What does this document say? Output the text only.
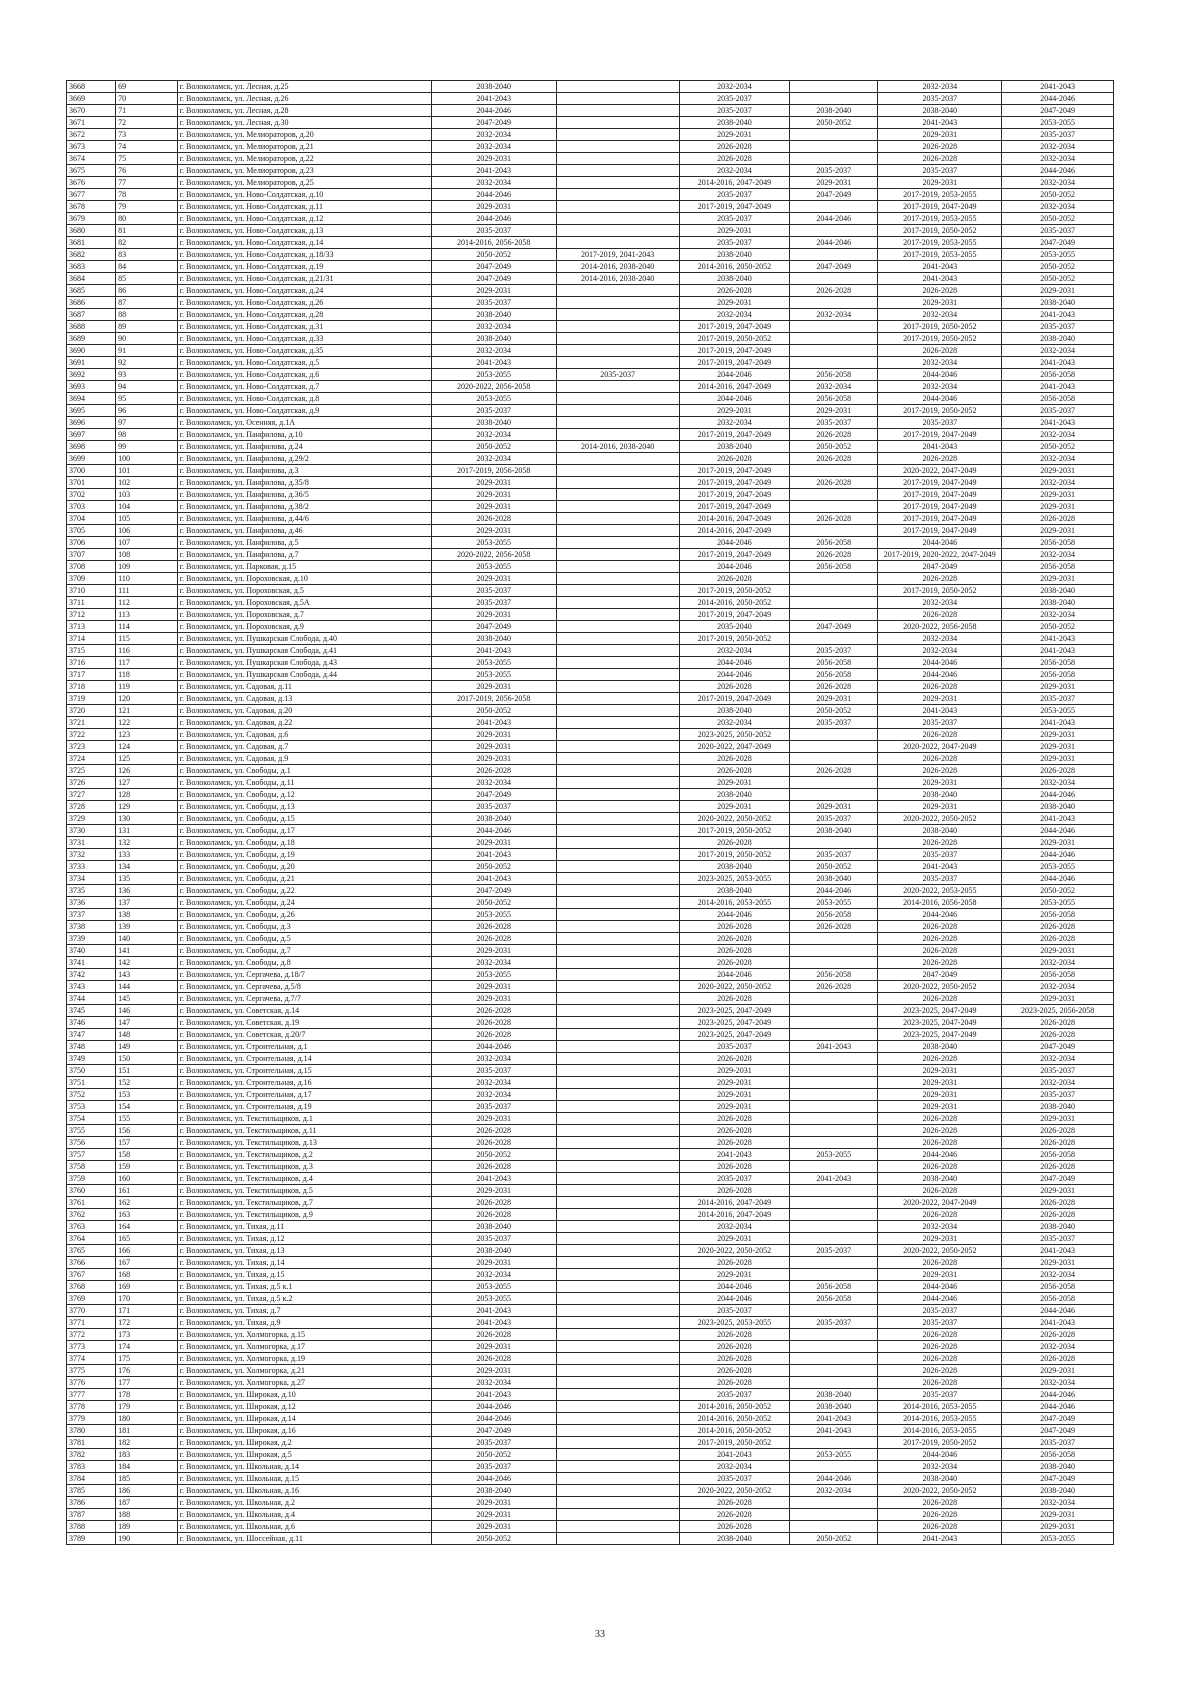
3668	69	г. Волоколамск, ул. Лесная, д.25	2038-2040		2032-2034		2032-2034	2041-2043
3669	70	г. Волоколамск, ул. Лесная, д.26	2041-2043		2035-2037		2035-2037	2044-2046
3670	71	г. Волоколамск, ул. Лесная, д.28	2044-2046		2035-2037	2038-2040	2038-2040	2047-2049
3671	72	г. Волоколамск, ул. Лесная, д.30	2047-2049		2038-2040	2050-2052	2041-2043	2053-2055
3672	73	г. Волоколамск, ул. Мелиораторов, д.20	2032-2034		2029-2031		2029-2031	2035-2037
3673	74	г. Волоколамск, ул. Мелиораторов, д.21	2032-2034		2026-2028		2026-2028	2032-2034
3674	75	г. Волоколамск, ул. Мелиораторов, д.22	2029-2031		2026-2028		2026-2028	2032-2034
3675	76	г. Волоколамск, ул. Мелиораторов, д.23	2041-2043		2032-2034	2035-2037	2035-2037	2044-2046
3676	77	г. Волоколамск, ул. Мелиораторов, д.25	2032-2034		2014-2016, 2047-2049	2029-2031	2029-2031	2032-2034
3677	78	г. Волоколамск, ул. Ново-Солдатская, д.10	2044-2046		2035-2037	2047-2049	2017-2019, 2053-2055	2050-2052
3678	79	г. Волоколамск, ул. Ново-Солдатская, д.11	2029-2031		2017-2019, 2047-2049		2017-2019, 2047-2049	2032-2034
3679	80	г. Волоколамск, ул. Ново-Солдатская, д.12	2044-2046		2035-2037	2044-2046	2017-2019, 2053-2055	2050-2052
3680	81	г. Волоколамск, ул. Ново-Солдатская, д.13	2035-2037		2029-2031		2017-2019, 2050-2052	2035-2037
3681	82	г. Волоколамск, ул. Ново-Солдатская, д.14	2014-2016, 2056-2058		2035-2037	2044-2046	2017-2019, 2053-2055	2047-2049
3682	83	г. Волоколамск, ул. Ново-Солдатская, д.18/33	2050-2052	2017-2019, 2041-2043	2038-2040		2017-2019, 2053-2055	2053-2055
3683	84	г. Волоколамск, ул. Ново-Солдатская, д.19	2047-2049	2014-2016, 2038-2040	2014-2016, 2050-2052	2047-2049	2041-2043	2050-2052
3684	85	г. Волоколамск, ул. Ново-Солдатская, д.21/31	2047-2049	2014-2016, 2038-2040	2038-2040		2041-2043	2050-2052
3685	86	г. Волоколамск, ул. Ново-Солдатская, д.24	2029-2031		2026-2028	2026-2028	2026-2028	2029-2031
3686	87	г. Волоколамск, ул. Ново-Солдатская, д.26	2035-2037		2029-2031		2029-2031	2038-2040
3687	88	г. Волоколамск, ул. Ново-Солдатская, д.28	2038-2040		2032-2034	2032-2034	2032-2034	2041-2043
3688	89	г. Волоколамск, ул. Ново-Солдатская, д.31	2032-2034		2017-2019, 2047-2049		2017-2019, 2050-2052	2035-2037
3689	90	г. Волоколамск, ул. Ново-Солдатская, д.33	2038-2040		2017-2019, 2050-2052		2017-2019, 2050-2052	2038-2040
3690	91	г. Волоколамск, ул. Ново-Солдатская, д.35	2032-2034		2017-2019, 2047-2049		2026-2028	2032-2034
3691	92	г. Волоколамск, ул. Ново-Солдатская, д.5	2041-2043		2017-2019, 2047-2049		2032-2034	2041-2043
3692	93	г. Волоколамск, ул. Ново-Солдатская, д.6	2053-2055	2035-2037	2044-2046	2056-2058	2044-2046	2056-2058
3693	94	г. Волоколамск, ул. Ново-Солдатская, д.7	2020-2022, 2056-2058		2014-2016, 2047-2049	2032-2034	2032-2034	2041-2043
3694	95	г. Волоколамск, ул. Ново-Солдатская, д.8	2053-2055		2044-2046	2056-2058	2044-2046	2056-2058
3695	96	г. Волоколамск, ул. Ново-Солдатская, д.9	2035-2037		2029-2031	2029-2031	2017-2019, 2050-2052	2035-2037
3696	97	г. Волоколамск, ул. Осенняя, д.1А	2038-2040		2032-2034	2035-2037	2035-2037	2041-2043
3697	98	г. Волоколамск, ул. Панфилова, д.10	2032-2034		2017-2019, 2047-2049	2026-2028	2017-2019, 2047-2049	2032-2034
3698	99	г. Волоколамск, ул. Панфилова, д.24	2050-2052	2014-2016, 2038-2040	2038-2040	2050-2052	2041-2043	2050-2052
3699	100	г. Волоколамск, ул. Панфилова, д.29/2	2032-2034		2026-2028	2026-2028	2026-2028	2032-2034
3700	101	г. Волоколамск, ул. Панфилова, д.3	2017-2019, 2056-2058		2017-2019, 2047-2049		2020-2022, 2047-2049	2029-2031
3701	102	г. Волоколамск, ул. Панфилова, д.35/8	2029-2031		2017-2019, 2047-2049	2026-2028	2017-2019, 2047-2049	2032-2034
3702	103	г. Волоколамск, ул. Панфилова, д.36/5	2029-2031		2017-2019, 2047-2049		2017-2019, 2047-2049	2029-2031
3703	104	г. Волоколамск, ул. Панфилова, д.38/2	2029-2031		2017-2019, 2047-2049		2017-2019, 2047-2049	2029-2031
3704	105	г. Волоколамск, ул. Панфилова, д.44/6	2026-2028		2014-2016, 2047-2049	2026-2028	2017-2019, 2047-2049	2026-2028
3705	106	г. Волоколамск, ул. Панфилова, д.46	2029-2031		2014-2016, 2047-2049		2017-2019, 2047-2049	2029-2031
3706	107	г. Волоколамск, ул. Панфилова, д.5	2053-2055		2044-2046	2056-2058	2044-2046	2056-2058
3707	108	г. Волоколамск, ул. Панфилова, д.7	2020-2022, 2056-2058		2017-2019, 2047-2049	2026-2028	2017-2019, 2020-2022, 2047-2049	2032-2034
3708	109	г. Волоколамск, ул. Парковая, д.15	2053-2055		2044-2046	2056-2058	2047-2049	2056-2058
3709	110	г. Волоколамск, ул. Пороховская, д.10	2029-2031		2026-2028		2026-2028	2029-2031
3710	111	г. Волоколамск, ул. Пороховская, д.5	2035-2037		2017-2019, 2050-2052		2017-2019, 2050-2052	2038-2040
3711	112	г. Волоколамск, ул. Пороховская, д.5А	2035-2037		2014-2016, 2050-2052		2032-2034	2038-2040
3712	113	г. Волоколамск, ул. Пороховская, д.7	2029-2031		2017-2019, 2047-2049		2026-2028	2032-2034
3713	114	г. Волоколамск, ул. Пороховская, д.9	2047-2049		2035-2040	2047-2049	2020-2022, 2056-2058	2050-2052
3714	115	г. Волоколамск, ул. Пушкарская Слобода, д.40	2038-2040		2017-2019, 2050-2052		2032-2034	2041-2043
3715	116	г. Волоколамск, ул. Пушкарская Слобода, д.41	2041-2043		2032-2034	2035-2037	2032-2034	2041-2043
3716	117	г. Волоколамск, ул. Пушкарская Слобода, д.43	2053-2055		2044-2046	2056-2058	2044-2046	2056-2058
3717	118	г. Волоколамск, ул. Пушкарская Слобода, д.44	2053-2055		2044-2046	2056-2058	2044-2046	2056-2058
3718	119	г. Волоколамск, ул. Садовая, д.11	2029-2031		2026-2028	2026-2028	2026-2028	2029-2031
3719	120	г. Волоколамск, ул. Садовая, д.13	2017-2019, 2056-2058		2017-2019, 2047-2049	2029-2031	2029-2031	2035-2037
3720	121	г. Волоколамск, ул. Садовая, д.20	2050-2052		2038-2040	2050-2052	2041-2043	2053-2055
3721	122	г. Волоколамск, ул. Садовая, д.22	2041-2043		2032-2034	2035-2037	2035-2037	2041-2043
3722	123	г. Волоколамск, ул. Садовая, д.6	2029-2031		2023-2025, 2050-2052		2026-2028	2029-2031
3723	124	г. Волоколамск, ул. Садовая, д.7	2029-2031		2020-2022, 2047-2049		2020-2022, 2047-2049	2029-2031
3724	125	г. Волоколамск, ул. Садовая, д.9	2029-2031		2026-2028		2026-2028	2029-2031
3725	126	г. Волоколамск, ул. Свободы, д.1	2026-2028		2026-2028	2026-2028	2026-2028	2026-2028
3726	127	г. Волоколамск, ул. Свободы, д.11	2032-2034		2029-2031		2029-2031	2032-2034
3727	128	г. Волоколамск, ул. Свободы, д.12	2047-2049		2038-2040		2038-2040	2044-2046
3728	129	г. Волоколамск, ул. Свободы, д.13	2035-2037		2029-2031	2029-2031	2029-2031	2038-2040
3729	130	г. Волоколамск, ул. Свободы, д.15	2038-2040		2020-2022, 2050-2052	2035-2037	2020-2022, 2050-2052	2041-2043
3730	131	г. Волоколамск, ул. Свободы, д.17	2044-2046		2017-2019, 2050-2052	2038-2040	2038-2040	2044-2046
3731	132	г. Волоколамск, ул. Свободы, д.18	2029-2031		2026-2028		2026-2028	2029-2031
3732	133	г. Волоколамск, ул. Свободы, д.19	2041-2043		2017-2019, 2050-2052	2035-2037	2035-2037	2044-2046
3733	134	г. Волоколамск, ул. Свободы, д.20	2050-2052		2038-2040	2050-2052	2041-2043	2053-2055
3734	135	г. Волоколамск, ул. Свободы, д.21	2041-2043		2023-2025, 2053-2055	2038-2040	2035-2037	2044-2046
3735	136	г. Волоколамск, ул. Свободы, д.22	2047-2049		2038-2040	2044-2046	2020-2022, 2053-2055	2050-2052
3736	137	г. Волоколамск, ул. Свободы, д.24	2050-2052		2014-2016, 2053-2055	2053-2055	2014-2016, 2056-2058	2053-2055
3737	138	г. Волоколамск, ул. Свободы, д.26	2053-2055		2044-2046	2056-2058	2044-2046	2056-2058
3738	139	г. Волоколамск, ул. Свободы, д.3	2026-2028		2026-2028	2026-2028	2026-2028	2026-2028
3739	140	г. Волоколамск, ул. Свободы, д.5	2026-2028		2026-2028		2026-2028	2026-2028
3740	141	г. Волоколамск, ул. Свободы, д.7	2029-2031		2026-2028		2026-2028	2029-2031
3741	142	г. Волоколамск, ул. Свободы, д.8	2032-2034		2026-2028		2026-2028	2032-2034
3742	143	г. Волоколамск, ул. Сергачева, д.18/7	2053-2055		2044-2046	2056-2058	2047-2049	2056-2058
3743	144	г. Волоколамск, ул. Сергачева, д.5/8	2029-2031		2020-2022, 2050-2052	2026-2028	2020-2022, 2050-2052	2032-2034
3744	145	г. Волоколамск, ул. Сергачева, д.7/7	2029-2031		2026-2028		2026-2028	2029-2031
3745	146	г. Волоколамск, ул. Советская, д.14	2026-2028		2023-2025, 2047-2049		2023-2025, 2047-2049	2023-2025, 2056-2058
3746	147	г. Волоколамск, ул. Советская, д.19	2026-2028		2023-2025, 2047-2049		2023-2025, 2047-2049	2026-2028
3747	148	г. Волоколамск, ул. Советская, д.20/7	2026-2028		2023-2025, 2047-2049		2023-2025, 2047-2049	2026-2028
3748	149	г. Волоколамск, ул. Строительная, д.1	2044-2046		2035-2037	2041-2043	2038-2040	2047-2049
3749	150	г. Волоколамск, ул. Строительная, д.14	2032-2034		2026-2028		2026-2028	2032-2034
3750	151	г. Волоколамск, ул. Строительная, д.15	2035-2037		2029-2031		2029-2031	2035-2037
3751	152	г. Волоколамск, ул. Строительная, д.16	2032-2034		2029-2031		2029-2031	2032-2034
3752	153	г. Волоколамск, ул. Строительная, д.17	2032-2034		2029-2031		2029-2031	2035-2037
3753	154	г. Волоколамск, ул. Строительная, д.19	2035-2037		2029-2031		2029-2031	2038-2040
3754	155	г. Волоколамск, ул. Текстильщиков, д.1	2029-2031		2026-2028		2026-2028	2029-2031
3755	156	г. Волоколамск, ул. Текстильщиков, д.11	2026-2028		2026-2028		2026-2028	2026-2028
3756	157	г. Волоколамск, ул. Текстильщиков, д.13	2026-2028		2026-2028		2026-2028	2026-2028
3757	158	г. Волоколамск, ул. Текстильщиков, д.2	2050-2052		2041-2043	2053-2055	2044-2046	2056-2058
3758	159	г. Волоколамск, ул. Текстильщиков, д.3	2026-2028		2026-2028		2026-2028	2026-2028
3759	160	г. Волоколамск, ул. Текстильщиков, д.4	2041-2043		2035-2037	2041-2043	2038-2040	2047-2049
3760	161	г. Волоколамск, ул. Текстильщиков, д.5	2029-2031		2026-2028		2026-2028	2029-2031
3761	162	г. Волоколамск, ул. Текстильщиков, д.7	2026-2028		2014-2016, 2047-2049		2020-2022, 2047-2049	2026-2028
3762	163	г. Волоколамск, ул. Текстильщиков, д.9	2026-2028		2014-2016, 2047-2049		2026-2028	2026-2028
3763	164	г. Волоколамск, ул. Тихая, д.11	2038-2040		2032-2034		2032-2034	2038-2040
3764	165	г. Волоколамск, ул. Тихая, д.12	2035-2037		2029-2031		2029-2031	2035-2037
3765	166	г. Волоколамск, ул. Тихая, д.13	2038-2040		2020-2022, 2050-2052	2035-2037	2020-2022, 2050-2052	2041-2043
3766	167	г. Волоколамск, ул. Тихая, д.14	2029-2031		2026-2028		2026-2028	2029-2031
3767	168	г. Волоколамск, ул. Тихая, д.15	2032-2034		2029-2031		2029-2031	2032-2034
3768	169	г. Волоколамск, ул. Тихая, д.5 к.1	2053-2055		2044-2046	2056-2058	2044-2046	2056-2058
3769	170	г. Волоколамск, ул. Тихая, д.5 к.2	2053-2055		2044-2046	2056-2058	2044-2046	2056-2058
3770	171	г. Волоколамск, ул. Тихая, д.7	2041-2043		2035-2037		2035-2037	2044-2046
3771	172	г. Волоколамск, ул. Тихая, д.9	2041-2043		2023-2025, 2053-2055	2035-2037	2035-2037	2041-2043
3772	173	г. Волоколамск, ул. Холмогорка, д.15	2026-2028		2026-2028		2026-2028	2026-2028
3773	174	г. Волоколамск, ул. Холмогорка, д.17	2029-2031		2026-2028		2026-2028	2032-2034
3774	175	г. Волоколамск, ул. Холмогорка, д.19	2026-2028		2026-2028		2026-2028	2026-2028
3775	176	г. Волоколамск, ул. Холмогорка, д.21	2029-2031		2026-2028		2026-2028	2029-2031
3776	177	г. Волоколамск, ул. Холмогорка, д.27	2032-2034		2026-2028		2026-2028	2032-2034
3777	178	г. Волоколамск, ул. Широкая, д.10	2041-2043		2035-2037	2038-2040	2035-2037	2044-2046
3778	179	г. Волоколамск, ул. Широкая, д.12	2044-2046		2014-2016, 2050-2052	2038-2040	2014-2016, 2053-2055	2044-2046
3779	180	г. Волоколамск, ул. Широкая, д.14	2044-2046		2014-2016, 2050-2052	2041-2043	2014-2016, 2053-2055	2047-2049
3780	181	г. Волоколамск, ул. Широкая, д.16	2047-2049		2014-2016, 2050-2052	2041-2043	2014-2016, 2053-2055	2047-2049
3781	182	г. Волоколамск, ул. Широкая, д.2	2035-2037		2017-2019, 2050-2052		2017-2019, 2050-2052	2035-2037
3782	183	г. Волоколамск, ул. Широкая, д.5	2050-2052		2041-2043	2053-2055	2044-2046	2056-2058
3783	184	г. Волоколамск, ул. Школьная, д.14	2035-2037		2032-2034		2032-2034	2038-2040
3784	185	г. Волоколамск, ул. Школьная, д.15	2044-2046		2035-2037	2044-2046	2038-2040	2047-2049
3785	186	г. Волоколамск, ул. Школьная, д.16	2038-2040		2020-2022, 2050-2052	2032-2034	2020-2022, 2050-2052	2038-2040
3786	187	г. Волоколамск, ул. Школьная, д.2	2029-2031		2026-2028		2026-2028	2032-2034
3787	188	г. Волоколамск, ул. Школьная, д.4	2029-2031		2026-2028		2026-2028	2029-2031
3788	189	г. Волоколамск, ул. Школьная, д.6	2029-2031		2026-2028		2026-2028	2029-2031
3789	190	г. Волоколамск, ул. Шоссейная, д.11	2050-2052		2038-2040	2050-2052	2041-2043	2053-2055
33
